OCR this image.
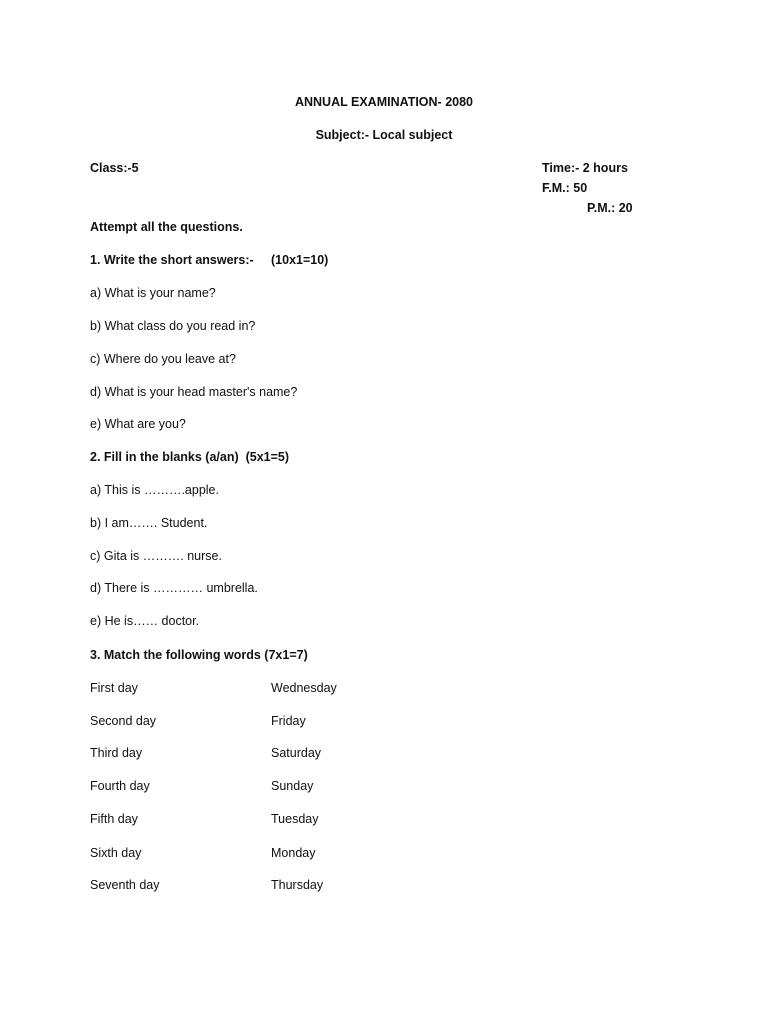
ANNUAL EXAMINATION- 2080
Subject:- Local subject
Class:-5	Time:- 2 hours
F.M.: 50
P.M.: 20
Attempt all the questions.
1. Write the short answers:- (10x1=10)
a) What is your name?
b) What class do you read in?
c) Where do you leave at?
d) What is your head master's name?
e) What are you?
2. Fill in the blanks (a/an)  (5x1=5)
a) This is ……….apple.
b) I am……. Student.
c) Gita is ………. nurse.
d) There is ………… umbrella.
e) He is…… doctor.
3. Match the following words (7x1=7)
First day	Wednesday
Second day	Friday
Third day	Saturday
Fourth day	Sunday
Fifth day	Tuesday
Sixth day	Monday
Seventh day	Thursday
